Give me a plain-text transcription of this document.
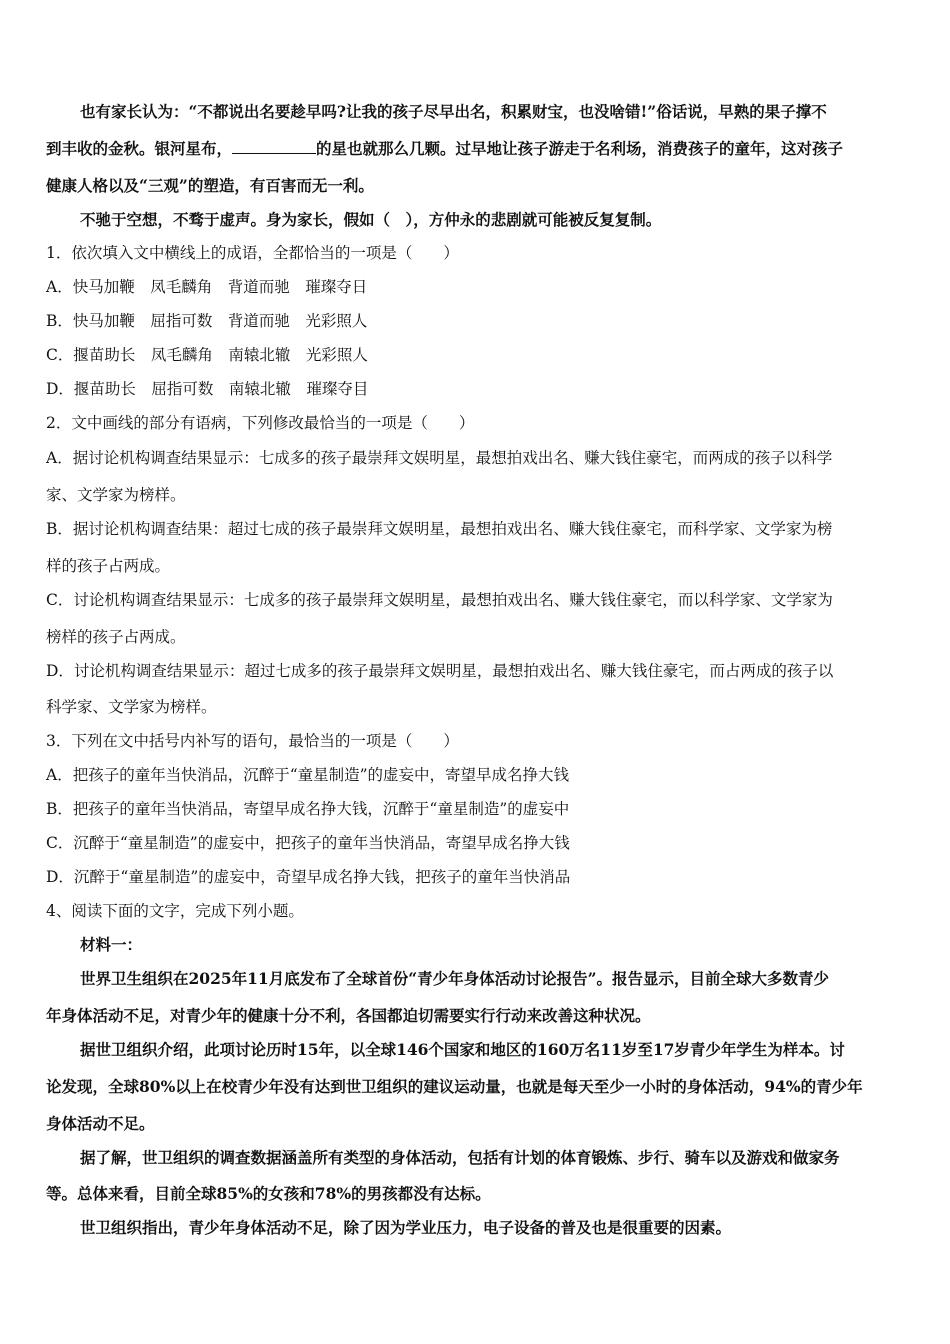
也有家长认为：“不都说出名要趁早吗?让我的孩子尽早出名，积累财宝，也没啥错!”俗话说，早熟的果子撑不
到丰收的金秋。银河星布，	的星也就那么几颗。过早地让孩子游走于名利场，消费孩子的童年，这对孩子
健康人格以及“三观”的塑造，有百害而无一利。
不驰于空想，不骛于虚声。身为家长，假如（　），方仲永的悲剧就可能被反复复制。
1．依次填入文中横线上的成语，全都恰当的一项是（　　）
A．快马加鞭　凤毛麟角　背道而驰　璀璨夺日
B．快马加鞭　屈指可数　背道而驰　光彩照人
C．揠苗助长　凤毛麟角　南辕北辙　光彩照人
D．揠苗助长　屈指可数　南辕北辙　璀璨夺目
2．文中画线的部分有语病，下列修改最恰当的一项是（　　）
A．据讨论机构调查结果显示：七成多的孩子最崇拜文娱明星，最想拍戏出名、赚大钱住豪宅，而两成的孩子以科学
家、文学家为榜样。
B．据讨论机构调查结果：超过七成的孩子最崇拜文娱明星，最想拍戏出名、赚大钱住豪宅，而科学家、文学家为榜
样的孩子占两成。
C．讨论机构调查结果显示：七成多的孩子最崇拜文娱明星，最想拍戏出名、赚大钱住豪宅，而以科学家、文学家为
榜样的孩子占两成。
D．讨论机构调查结果显示：超过七成多的孩子最崇拜文娱明星，最想拍戏出名、赚大钱住豪宅，而占两成的孩子以
科学家、文学家为榜样。
3．下列在文中括号内补写的语句，最恰当的一项是（　　）
A．把孩子的童年当快消品，沉醉于“童星制造”的虚妄中，寄望早成名挣大钱
B．把孩子的童年当快消品，寄望早成名挣大钱，沉醉于“童星制造”的虚妄中
C．沉醉于“童星制造”的虚妄中，把孩子的童年当快消品，寄望早成名挣大钱
D．沉醉于“童星制造”的虚妄中，奇望早成名挣大钱，把孩子的童年当快消品
4、阅读下面的文字，完成下列小题。
材料一：
世界卫生组织在2025年11月底发布了全球首份“青少年身体活动讨论报告”。报告显示，目前全球大多数青少
年身体活动不足，对青少年的健康十分不利，各国都迫切需要实行行动来改善这种状况。
据世卫组织介绍，此项讨论历时15年，以全球146个国家和地区的160万名11岁至17岁青少年学生为样本。讨
论发现，全球80%以上在校青少年没有达到世卫组织的建议运动量，也就是每天至少一小时的身体活动，94%的青少年
身体活动不足。
据了解，世卫组织的调查数据涵盖所有类型的身体活动，包括有计划的体育锻炼、步行、骑车以及游戏和做家务
等。总体来看，目前全球85%的女孩和78%的男孩都没有达标。
世卫组织指出，青少年身体活动不足，除了因为学业压力，电子设备的普及也是很重要的因素。
